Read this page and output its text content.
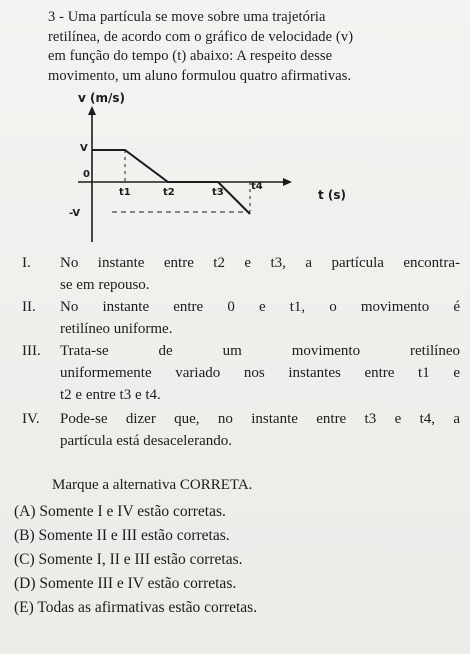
3 - Uma partícula se move sobre uma trajetória
retilínea, de acordo com o gráfico de velocidade (v)
em função do tempo (t) abaixo: A respeito desse
movimento, um aluno formulou quatro afirmativas.
v (m/s)
t (s)
0
V
-V
t1	t2	t3
t4
I. No instante entre t2 e t3, a partícula encontra-
se em repouso.
II. No instante entre 0 e t1, o movimento é
retilíneo uniforme.
III. Trata-se de um movimento retilíneo
uniformemente variado nos instantes entre t1 e
t2 e entre t3 e t4.
IV. Pode-se dizer que, no instante entre t3 e t4, a
partícula está desacelerando.
Marque a alternativa CORRETA.
(A) Somente I e IV estão corretas.
(B) Somente II e III estão corretas.
(C) Somente I, II e III estão corretas.
(D) Somente III e IV estão corretas.
(E) Todas as afirmativas estão corretas.
